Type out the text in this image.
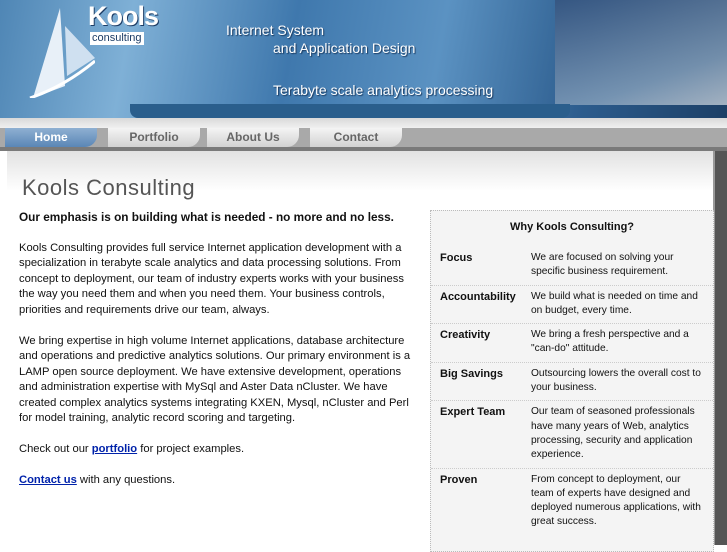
Kools
consulting	Internet System
and Application Design
Terabyte scale analytics processing
Home	Portfolio	About Us	Contact
Kools Consulting

Our emphasis is on building what is needed - no more and no less.

Kools Consulting provides full service Internet application development with a specialization in terabyte scale analytics and data processing solutions. From concept to deployment, our team of industry experts works with your business the way you need them and when you need them. Your business controls, priorities and requirements drive our team, always.

We bring expertise in high volume Internet applications, database architecture and operations and predictive analytics solutions. Our primary environment is a LAMP open source deployment. We have extensive development, operations and administration expertise with MySql and Aster Data nCluster. We have created complex analytics systems integrating KXEN, Mysql, nCluster and Perl for model training, analytic record scoring and targeting.

Check out our portfolio for project examples.

Contact us with any questions.

Why Kools Consulting?
Focus	We are focused on solving your specific business requirement.
Accountability	We build what is needed on time and on budget, every time.
Creativity	We bring a fresh perspective and a "can-do" attitude.
Big Savings	Outsourcing lowers the overall cost to your business.
Expert Team	Our team of seasoned professionals have many years of Web, analytics processing, security and application experience.
Proven	From concept to deployment, our team of experts have designed and deployed numerous applications, with great success.
